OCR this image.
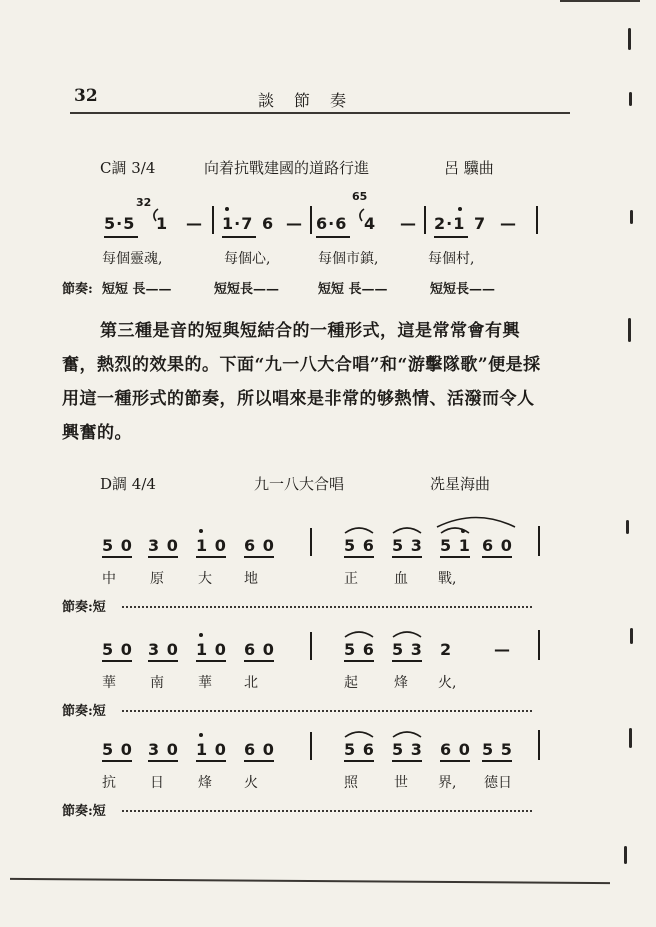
32	談節奏
C調 3/4	向着抗戰建國的道路行進	呂 驥曲
32	65
5·5 1 — 1·7 6 — 6·6 4 — 2·1 7 —
每個靈魂,	每個心,	每個市鎮,	每個村,
節奏: 短短 長——	短短長——	短短 長——	短短長——
第三種是音的短與短結合的一種形式，這是常常會有興
奮，熱烈的效果的。下面“九一八大合唱”和“游擊隊歌”便是採
用這一種形式的節奏，所以唱來是非常的够熱情、活潑而令人
興奮的。
D調 4/4	九一八大合唱	冼星海曲
5 0 3 0 1 0 6 0	5 6 5 3 5 1 6 0
中 原 大 地	正	血 戰,
節奏:短
5 0 3 0 1 0 6 0	5 6 5 3 2	—
華 南 華 北	起	烽 火,
節奏:短
5 0 3 0 1 0 6 0	5 6 5 3 6 0 5 5
抗 日 烽 火	照	世 界, 德日
節奏:短
